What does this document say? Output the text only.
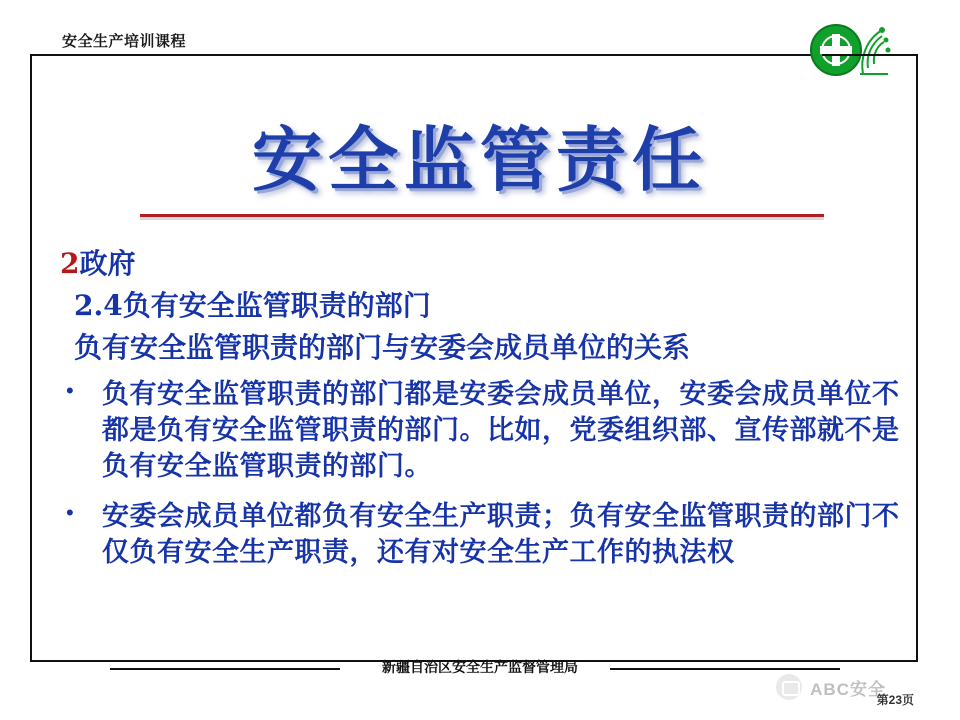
安全生产培训课程
安全监管责任
2政府
2.4负有安全监管职责的部门
负有安全监管职责的部门与安委会成员单位的关系
•	负有安全监管职责的部门都是安委会成员单位，安委会成员单位不都是负有安全监管职责的部门。比如，党委组织部、宣传部就不是负有安全监管职责的部门。
•	安委会成员单位都负有安全生产职责；负有安全监管职责的部门不仅负有安全生产职责，还有对安全生产工作的执法权
新疆自治区安全生产监督管理局
ABC安全
第23页
